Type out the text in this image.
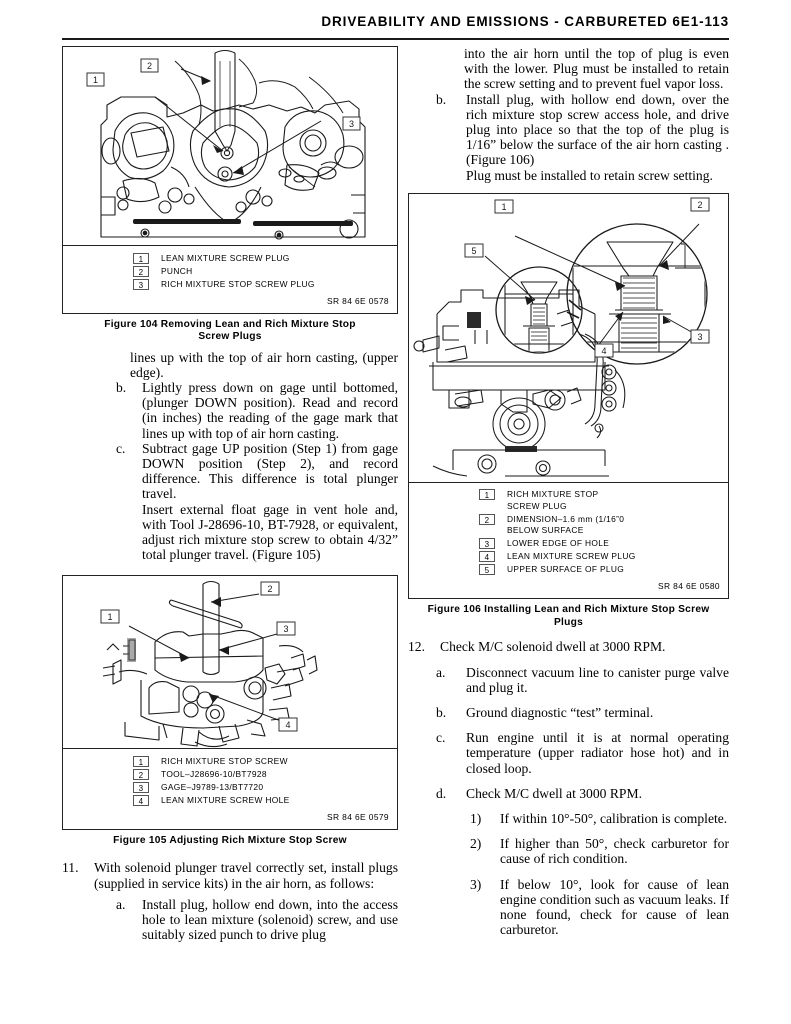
DRIVEABILITY AND EMISSIONS - CARBURETED 6E1-113
1
2
3
1	LEAN MIXTURE SCREW PLUG
2	PUNCH
3	RICH MIXTURE STOP SCREW PLUG
SR 84 6E 0578
Figure 104 Removing Lean and Rich Mixture Stop
Screw Plugs
lines up with the top of air horn casting, (upper edge).
b.	Lightly press down on gage until bottomed, (plunger DOWN position). Read and record (in inches) the reading of the gage mark that lines up with top of air horn casting.
c.	Subtract gage UP position (Step 1) from gage DOWN position (Step 2), and record difference. This difference is total plunger travel.
Insert external float gage in vent hole and, with Tool J-28696-10, BT-7928, or equivalent, adjust rich mixture stop screw to obtain 4/32” total plunger travel. (Figure 105)
1
2
3
4
1	RICH MIXTURE STOP SCREW
2	TOOL–J28696-10/BT7928
3	GAGE–J9789-13/BT7720
4	LEAN MIXTURE SCREW HOLE
SR 84 6E 0579
Figure 105 Adjusting Rich Mixture Stop Screw
11.	With solenoid plunger travel correctly set, install plugs (supplied in service kits) in the air horn, as follows:
a.	Install plug, hollow end down, into the access hole to lean mixture (solenoid) screw, and use suitably sized punch to drive plug
into the air horn until the top of plug is even with the lower. Plug must be installed to retain the screw setting and to prevent fuel vapor loss.
b.	Install plug, with hollow end down, over the rich mixture stop screw access hole, and drive plug into place so that the top of the plug is 1/16” below the surface of the air horn casting . (Figure 106)
Plug must be installed to retain screw setting.
1	2
3
4
5
1	RICH MIXTURE STOP
SCREW PLUG
2	DIMENSION–1.6 mm (1/16”0
BELOW SURFACE
3	LOWER EDGE OF HOLE
4	LEAN MIXTURE SCREW PLUG
5	UPPER SURFACE OF PLUG
SR 84 6E 0580
Figure 106 Installing Lean and Rich Mixture Stop Screw
Plugs
12.	Check M/C solenoid dwell at 3000 RPM.
a.	Disconnect vacuum line to canister purge valve and plug it.
b.	Ground diagnostic “test” terminal.
c.	Run engine until it is at normal operating temperature (upper radiator hose hot) and in closed loop.
d.	Check M/C dwell at 3000 RPM.
1)	If within 10°-50°, calibration is complete.
2)	If higher than 50°, check carburetor for cause of rich condition.
3)	If below 10°, look for cause of lean engine condition such as vacuum leaks. If none found, check for cause of lean carburetor.
